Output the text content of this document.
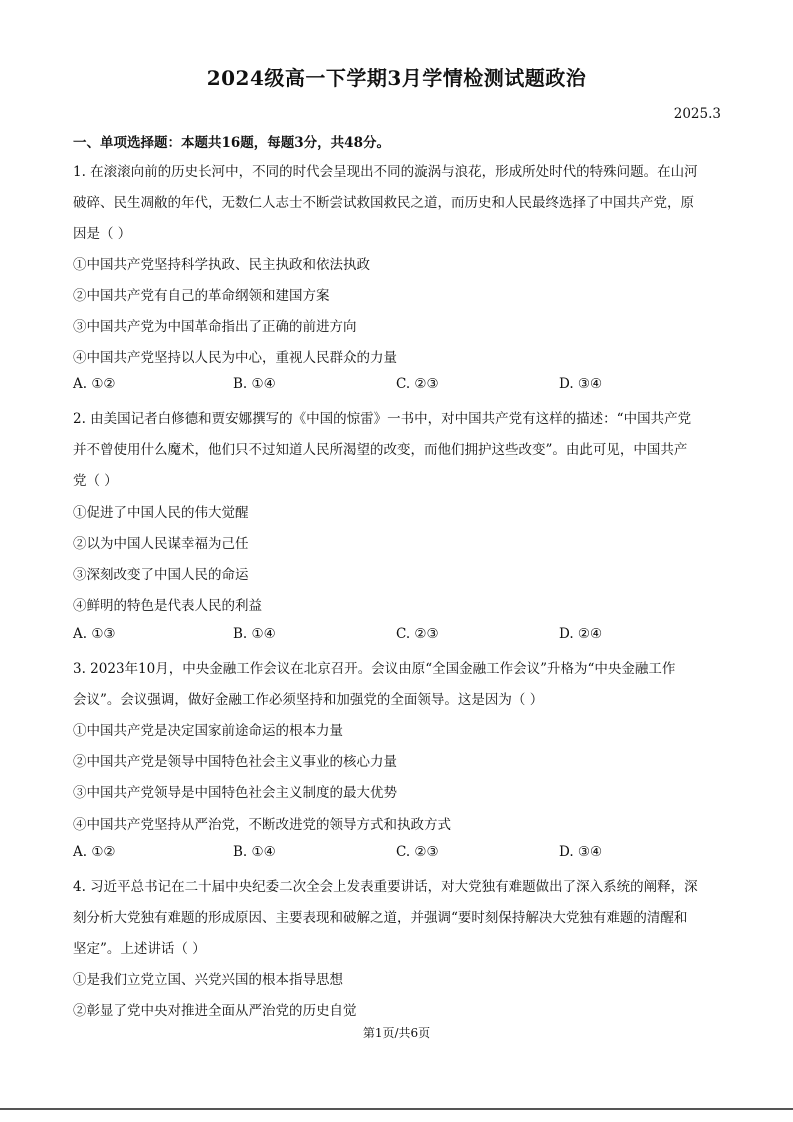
2024级高一下学期3月学情检测试题政治
2025.3
一、单项选择题：本题共16题，每题3分，共48分。
1. 在滚滚向前的历史长河中，不同的时代会呈现出不同的漩涡与浪花，形成所处时代的特殊问题。在山河
破碎、民生凋敝的年代，无数仁人志士不断尝试救国救民之道，而历史和人民最终选择了中国共产党，原
因是（ ）
①中国共产党坚持科学执政、民主执政和依法执政
②中国共产党有自己的革命纲领和建国方案
③中国共产党为中国革命指出了正确的前进方向
④中国共产党坚持以人民为中心，重视人民群众的力量
A. ①②	B. ①④	C. ②③	D. ③④
2. 由美国记者白修德和贾安娜撰写的《中国的惊雷》一书中，对中国共产党有这样的描述：“中国共产党
并不曾使用什么魔术，他们只不过知道人民所渴望的改变，而他们拥护这些改变”。由此可见，中国共产
党（ ）
①促进了中国人民的伟大觉醒
②以为中国人民谋幸福为己任
③深刻改变了中国人民的命运
④鲜明的特色是代表人民的利益
A. ①③	B. ①④	C. ②③	D. ②④
3. 2023年10月，中央金融工作会议在北京召开。会议由原“全国金融工作会议”升格为“中央金融工作
会议”。会议强调，做好金融工作必须坚持和加强党的全面领导。这是因为（ ）
①中国共产党是决定国家前途命运的根本力量
②中国共产党是领导中国特色社会主义事业的核心力量
③中国共产党领导是中国特色社会主义制度的最大优势
④中国共产党坚持从严治党，不断改进党的领导方式和执政方式
A. ①②	B. ①④	C. ②③	D. ③④
4. 习近平总书记在二十届中央纪委二次全会上发表重要讲话，对大党独有难题做出了深入系统的阐释，深
刻分析大党独有难题的形成原因、主要表现和破解之道，并强调“要时刻保持解决大党独有难题的清醒和
坚定”。上述讲话（ ）
①是我们立党立国、兴党兴国的根本指导思想
②彰显了党中央对推进全面从严治党的历史自觉
第1页/共6页
